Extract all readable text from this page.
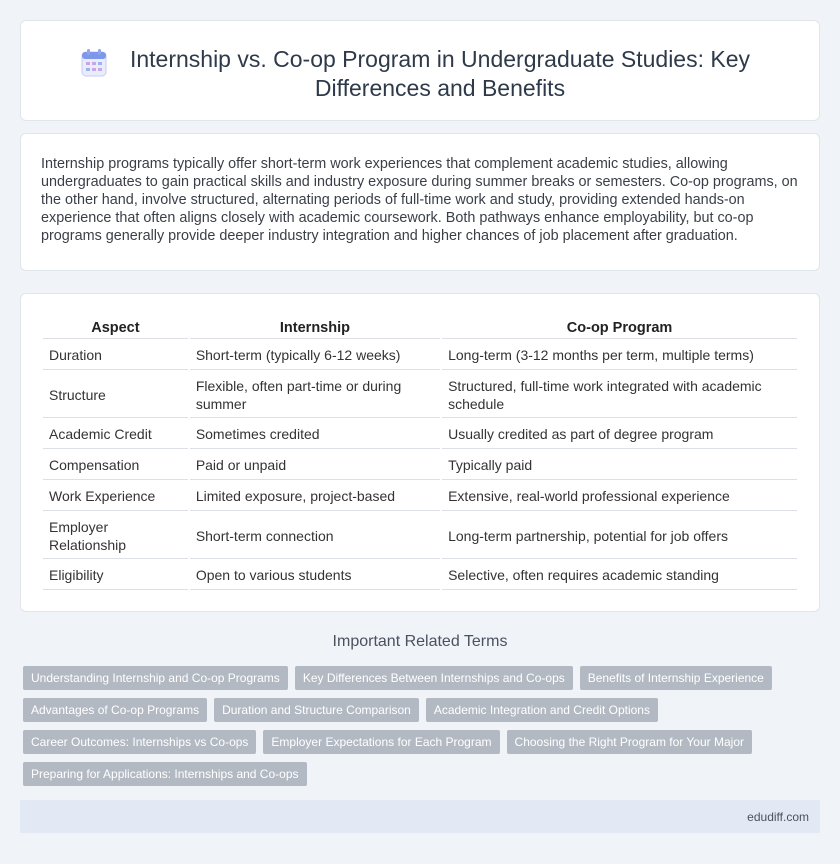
Internship vs. Co-op Program in Undergraduate Studies: Key Differences and Benefits

Internship programs typically offer short-term work experiences that complement academic studies, allowing undergraduates to gain practical skills and industry exposure during summer breaks or semesters. Co-op programs, on the other hand, involve structured, alternating periods of full-time work and study, providing extended hands-on experience that often aligns closely with academic coursework. Both pathways enhance employability, but co-op programs generally provide deeper industry integration and higher chances of job placement after graduation.

Aspect	Internship	Co-op Program
Duration	Short-term (typically 6-12 weeks)	Long-term (3-12 months per term, multiple terms)
Structure	Flexible, often part-time or during summer	Structured, full-time work integrated with academic schedule
Academic Credit	Sometimes credited	Usually credited as part of degree program
Compensation	Paid or unpaid	Typically paid
Work Experience	Limited exposure, project-based	Extensive, real-world professional experience
Employer Relationship	Short-term connection	Long-term partnership, potential for job offers
Eligibility	Open to various students	Selective, often requires academic standing
Important Related Terms
Understanding Internship and Co-op Programs Key Differences Between Internships and Co-ops Benefits of Internship Experience
Advantages of Co-op Programs Duration and Structure Comparison Academic Integration and Credit Options
Career Outcomes: Internships vs Co-ops Employer Expectations for Each Program Choosing the Right Program for Your Major
Preparing for Applications: Internships and Co-ops
edudiff.com
